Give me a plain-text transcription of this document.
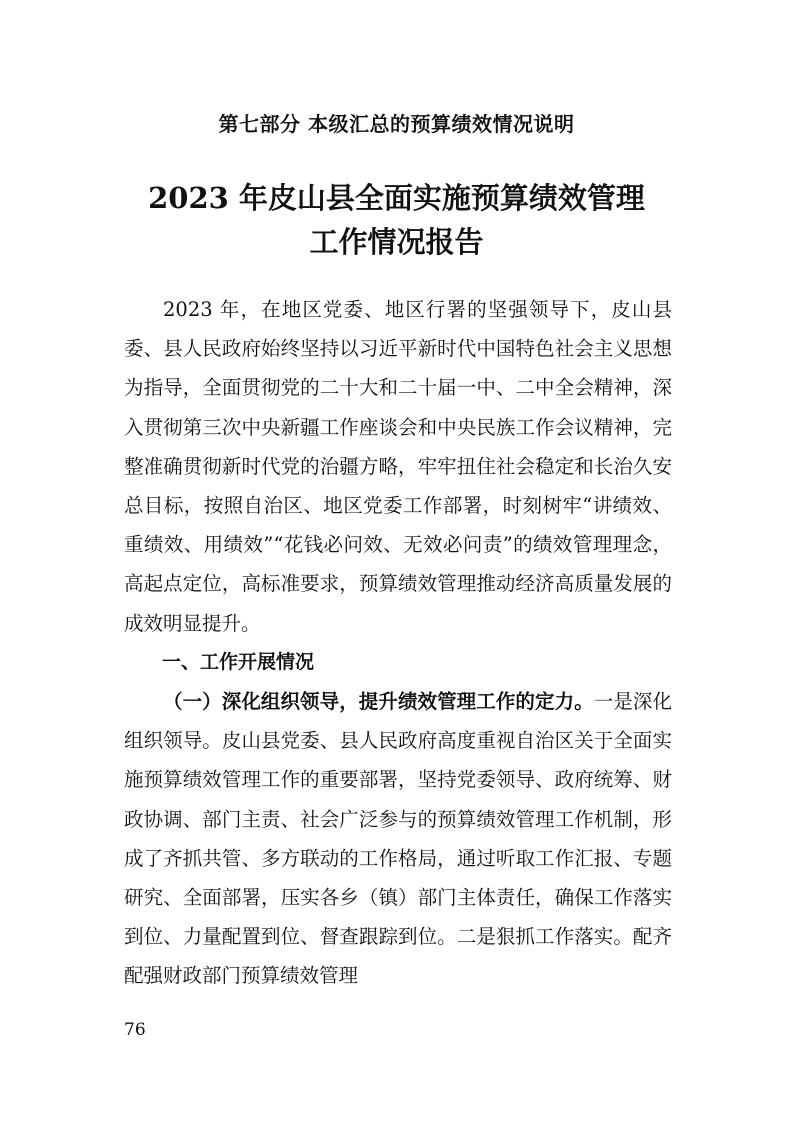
第七部分 本级汇总的预算绩效情况说明
2023 年皮山县全面实施预算绩效管理
工作情况报告

2023 年，在地区党委、地区行署的坚强领导下，皮山县委、县人民政府始终坚持以习近平新时代中国特色社会主义思想为指导，全面贯彻党的二十大和二十届一中、二中全会精神，深入贯彻第三次中央新疆工作座谈会和中央民族工作会议精神，完整准确贯彻新时代党的治疆方略，牢牢扭住社会稳定和长治久安总目标，按照自治区、地区党委工作部署，时刻树牢“讲绩效、重绩效、用绩效”“花钱必问效、无效必问责”的绩效管理理念，高起点定位，高标准要求，预算绩效管理推动经济高质量发展的成效明显提升。

一、工作开展情况

（一）深化组织领导，提升绩效管理工作的定力。一是深化组织领导。皮山县党委、县人民政府高度重视自治区关于全面实施预算绩效管理工作的重要部署，坚持党委领导、政府统筹、财政协调、部门主责、社会广泛参与的预算绩效管理工作机制，形成了齐抓共管、多方联动的工作格局，通过听取工作汇报、专题研究、全面部署，压实各乡（镇）部门主体责任，确保工作落实到位、力量配置到位、督查跟踪到位。二是狠抓工作落实。配齐配强财政部门预算绩效管理

76
